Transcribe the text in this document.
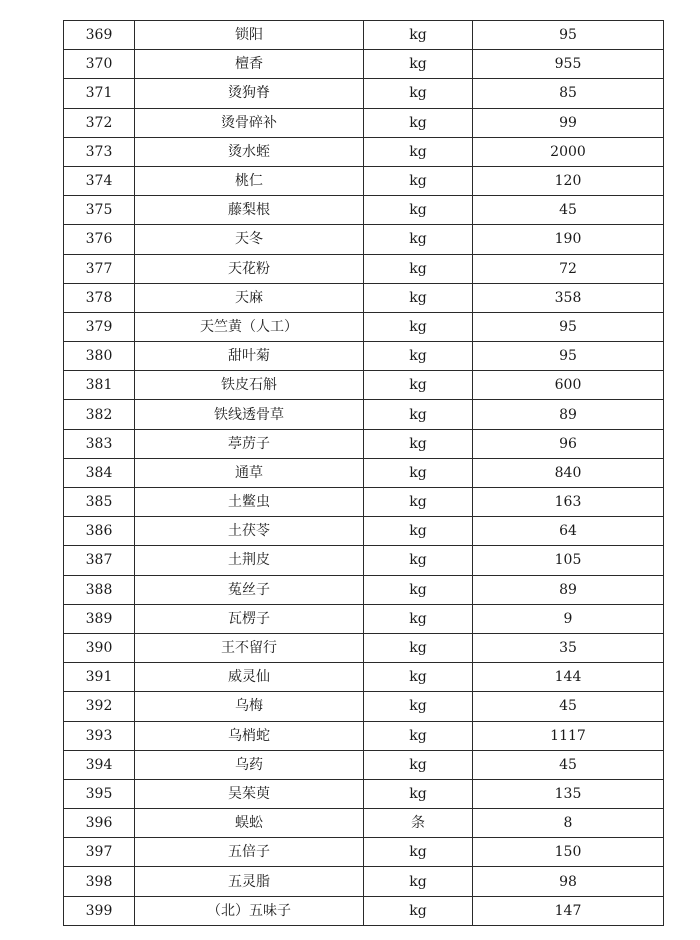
369	锁阳	kg	95
370	檀香	kg	955
371	烫狗脊	kg	85
372	烫骨碎补	kg	99
373	烫水蛭	kg	2000
374	桃仁	kg	120
375	藤梨根	kg	45
376	天冬	kg	190
377	天花粉	kg	72
378	天麻	kg	358
379	天竺黄（人工）	kg	95
380	甜叶菊	kg	95
381	铁皮石斛	kg	600
382	铁线透骨草	kg	89
383	葶苈子	kg	96
384	通草	kg	840
385	土鳖虫	kg	163
386	土茯苓	kg	64
387	土荆皮	kg	105
388	菟丝子	kg	89
389	瓦楞子	kg	9
390	王不留行	kg	35
391	威灵仙	kg	144
392	乌梅	kg	45
393	乌梢蛇	kg	1117
394	乌药	kg	45
395	吴茱萸	kg	135
396	蜈蚣	条	8
397	五倍子	kg	150
398	五灵脂	kg	98
399	（北）五味子	kg	147
